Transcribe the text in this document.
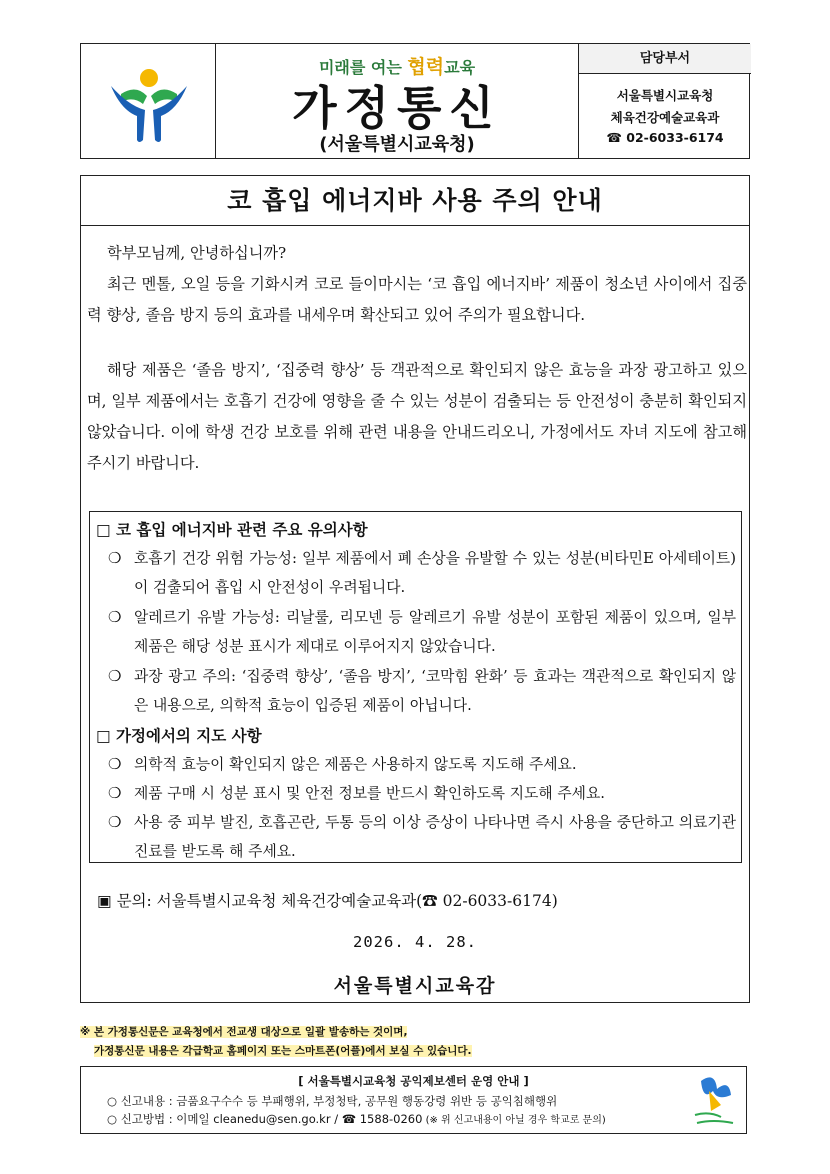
미래를 여는 협력교육
가정통신
(서울특별시교육청)
담당부서
서울특별시교육청
체육건강예술교육과
☎ 02-6033-6174
코 흡입 에너지바 사용 주의 안내
학부모님께, 안녕하십니까?
최근 멘톨, 오일 등을 기화시켜 코로 들이마시는 ‘코 흡입 에너지바’ 제품이 청소년 사이에서 집중력 향상, 졸음 방지 등의 효과를 내세우며 확산되고 있어 주의가 필요합니다.
해당 제품은 ‘졸음 방지’, ‘집중력 향상’ 등 객관적으로 확인되지 않은 효능을 과장 광고하고 있으며, 일부 제품에서는 호흡기 건강에 영향을 줄 수 있는 성분이 검출되는 등 안전성이 충분히 확인되지 않았습니다. 이에 학생 건강 보호를 위해 관련 내용을 안내드리오니, 가정에서도 자녀 지도에 참고해 주시기 바랍니다.
□ 코 흡입 에너지바 관련 주요 유의사항
❍ 호흡기 건강 위험 가능성: 일부 제품에서 폐 손상을 유발할 수 있는 성분(비타민E 아세테이트)이 검출되어 흡입 시 안전성이 우려됩니다.
❍ 알레르기 유발 가능성: 리날룰, 리모넨 등 알레르기 유발 성분이 포함된 제품이 있으며, 일부 제품은 해당 성분 표시가 제대로 이루어지지 않았습니다.
❍ 과장 광고 주의: ‘집중력 향상’, ‘졸음 방지’, ‘코막힘 완화’ 등 효과는 객관적으로 확인되지 않은 내용으로, 의학적 효능이 입증된 제품이 아닙니다.
□ 가정에서의 지도 사항
❍ 의학적 효능이 확인되지 않은 제품은 사용하지 않도록 지도해 주세요.
❍ 제품 구매 시 성분 표시 및 안전 정보를 반드시 확인하도록 지도해 주세요.
❍ 사용 중 피부 발진, 호흡곤란, 두통 등의 이상 증상이 나타나면 즉시 사용을 중단하고 의료기관 진료를 받도록 해 주세요.
▣ 문의: 서울특별시교육청 체육건강예술교육과(☎ 02-6033-6174)
2026. 4. 28.
서울특별시교육감
※ 본 가정통신문은 교육청에서 전교생 대상으로 일괄 발송하는 것이며,
가정통신문 내용은 각급학교 홈페이지 또는 스마트폰(어플)에서 보실 수 있습니다.
[ 서울특별시교육청 공익제보센터 운영 안내 ]
○ 신고내용 : 금품요구수수 등 부패행위, 부정청탁, 공무원 행동강령 위반 등 공익침해행위
○ 신고방법 : 이메일 cleanedu@sen.go.kr / ☎ 1588-0260 (※ 위 신고내용이 아닐 경우 학교로 문의)
